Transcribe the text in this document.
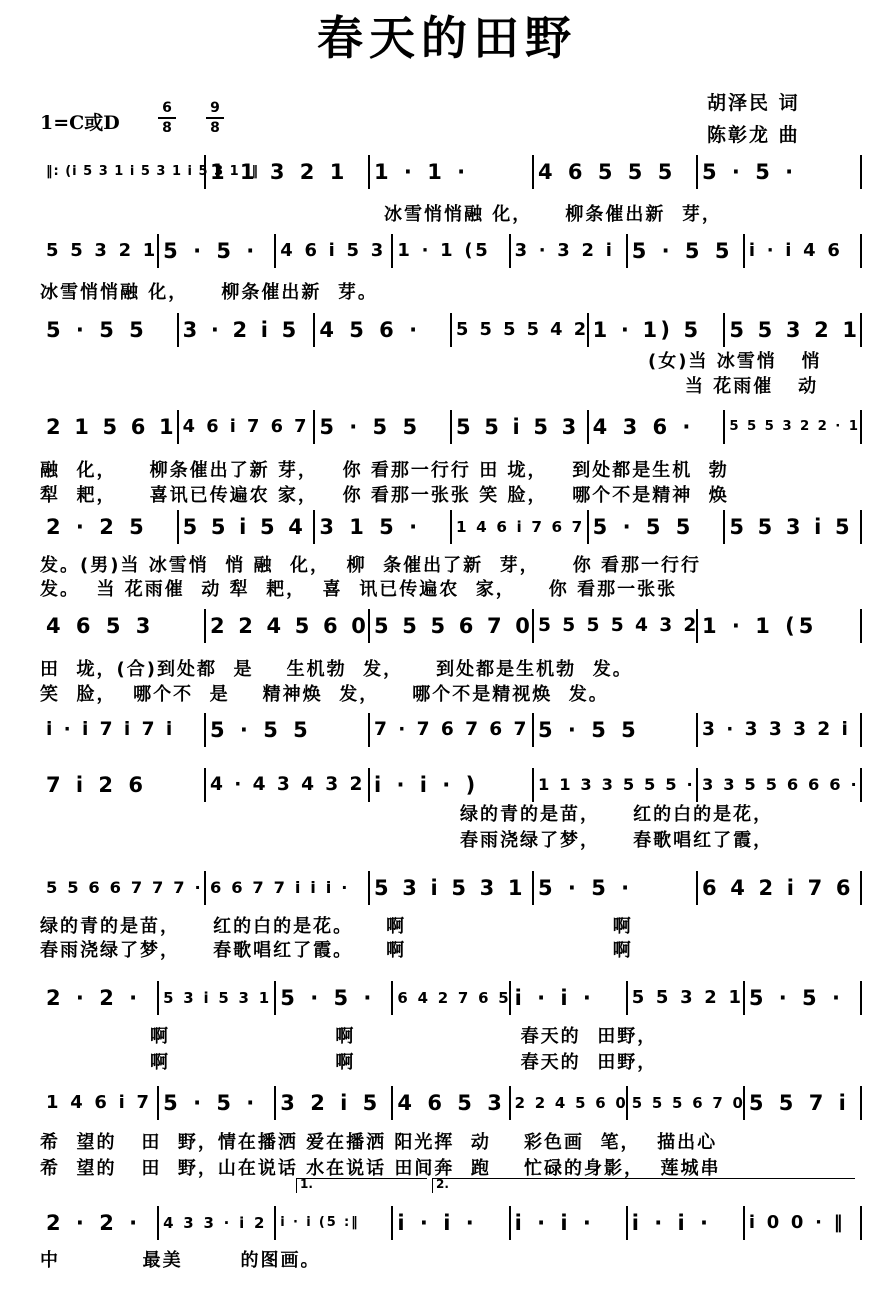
春天的田野
胡泽民 词
陈彰龙 曲
1=C或D
6
8
9
8
‖: (i 5 3 1 i 5 3 1 i 5 3 1 :‖
1 1 3 2 1	1 · 1 ·	4 6 5 5 5	5 · 5 ·
5 5 3 2 1 5 · 5 ·	4 6 i 5 3 1 · 1 (5	3 · 3 2 i 5 · 5 5 i · i 4 6
5 · 5 5	3 · 2 i 5 4 5 6 ·	5 5 5 5 4 2 1 · 1) 5	5 5 3 2 1
2 1 5 6 1 4 6 i 7 6 7 5 · 5 5	5 5 i 5 3 4 3 6 ·	5 5 5 3 2 2 · 1
2 · 2 5	5 5 i 5 4 3 1 5 ·	1 4 6 i 7 6 7 5 · 5 5	5 5 3 i 5
4 6 5 3	2 2 4 5 6 0 5 5 5 6 7 0 5 5 5 5 4 3 2 1 · 1 (5
i · i 7 i 7 i	5 · 5 5	7 · 7 6 7 6 7 5 · 5 5	3 · 3 3 3 2 i
7 i 2 6	4 · 4 3 4 3 2 i · i · )	1 1 3 3 5 5 5 · 3 3 5 5 6 6 6 ·
5 5 6 6 7 7 7 · 6 6 7 7 i i i ·	5 3 i 5 3 1 5 · 5 ·	6 4 2 i 7 6
2 · 2 ·	5 3 i 5 3 1 5 · 5 ·	6 4 2 7 6 5 i · i ·	5 5 3 2 1 5 · 5 ·
1 4 6 i 7 5 · 5 ·	3 2 i 5 4 6 5 3 2 2 4 5 6 0 5 5 5 6 7 0 5 5 7 i
2 · 2 ·	4 3 3 · i 2 i · i (5 :‖	i · i ·	i · i ·	i · i ·	i 0 0 · ‖
冰雪悄悄融 化，    柳条催出新  芽，
冰雪悄悄融 化，    柳条催出新  芽。
(女)当 冰雪悄   悄
当 花雨催   动
融  化，    柳条催出了新 芽，   你 看那一行行 田 垅，   到处都是生机  勃
犁  耙，    喜讯已传遍农 家，   你 看那一张张 笑 脸，   哪个不是精神  焕
发。(男)当 冰雪悄  悄 融  化，  柳  条催出了新  芽，    你 看那一行行
发。  当 花雨催  动 犁  耙，  喜  讯已传遍农  家，    你 看那一张张
田  垅，(合)到处都  是    生机勃  发，    到处都是生机勃  发。
笑  脸，  哪个不  是    精神焕  发，    哪个不是精视焕  发。
绿的青的是苗，    红的白的是花，
春雨浇绿了梦，    春歌唱红了霞，
绿的青的是苗，    红的白的是花。    啊                         啊
春雨浇绿了梦，    春歌唱红了霞。    啊                         啊
啊                    啊                    春天的  田野，
啊                    啊                    春天的  田野，
希  望的   田  野，情在播洒 爱在播洒 阳光挥  动    彩色画  笔，  描出心
希  望的   田  野，山在说话 水在说话 田间奔  跑    忙碌的身影，  莲城串
中          最美       的图画。
1.	2.
